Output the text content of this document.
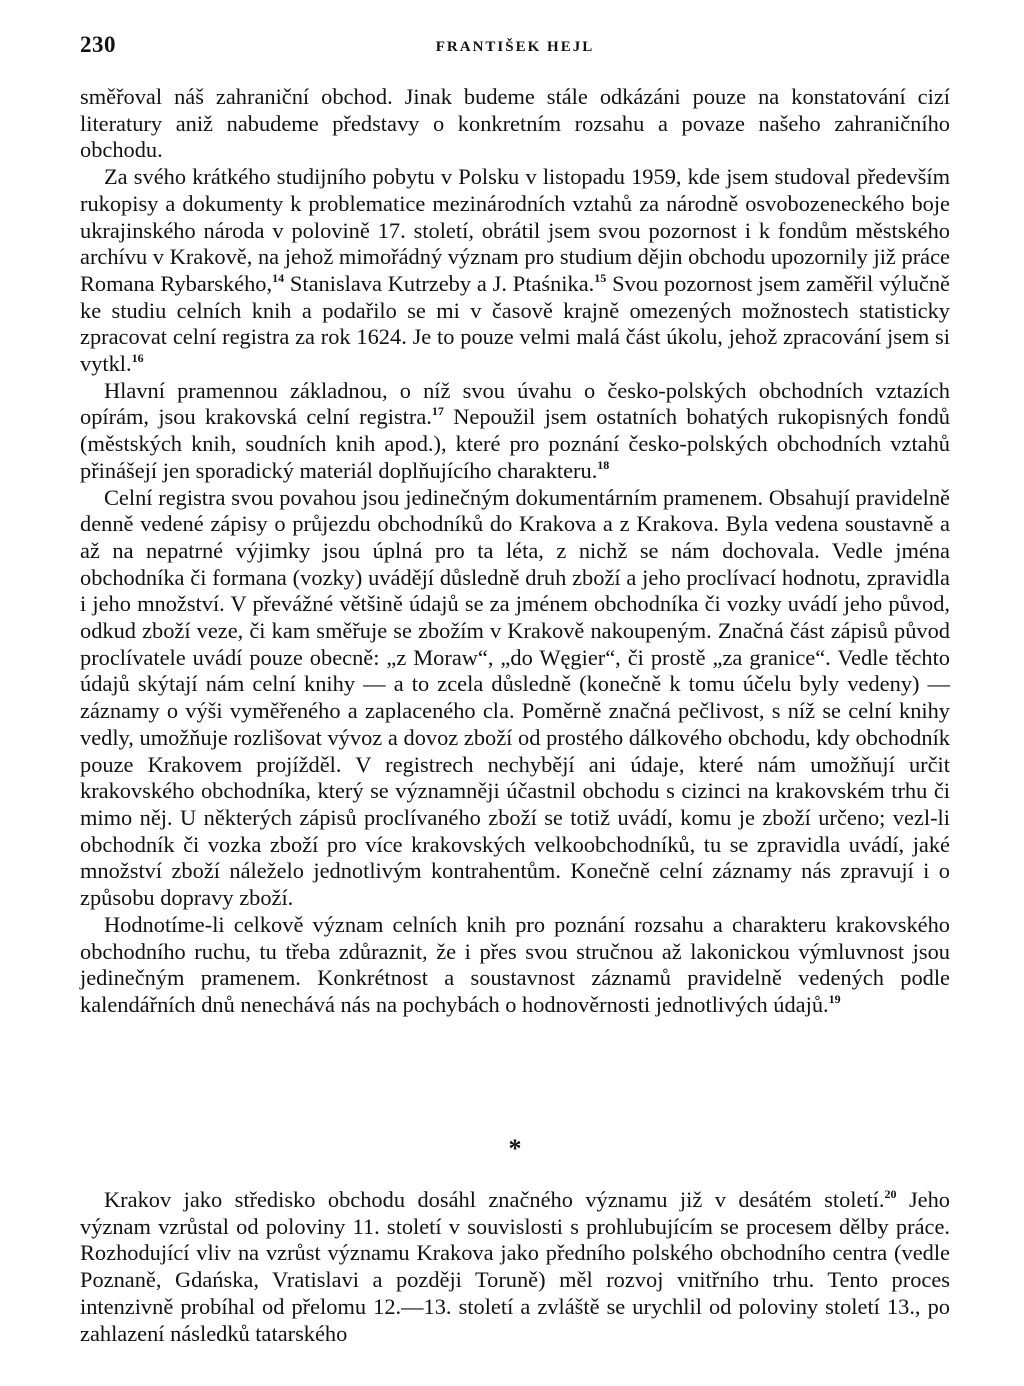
230	FRANTIŠEK HEJL

směřoval náš zahraniční obchod. Jinak budeme stále odkázáni pouze na konstatování cizí literatury aniž nabudeme představy o konkretním rozsahu a povaze našeho zahraničního obchodu.

Za svého krátkého studijního pobytu v Polsku v listopadu 1959, kde jsem studoval především rukopisy a dokumenty k problematice mezinárodních vztahů za národně osvobozeneckého boje ukrajinského národa v polovině 17. století, obrátil jsem svou pozornost i k fondům městského archívu v Krakově, na jehož mimořádný význam pro studium dějin obchodu upozornily již práce Romana Rybarského,$^{14}$ Stanislava Kutrzeby a J. Ptaśnika.$^{15}$ Svou pozornost jsem zaměřil výlučně ke studiu celních knih a podařilo se mi v časově krajně omezených možnostech statisticky zpracovat celní registra za rok 1624. Je to pouze velmi malá část úkolu, jehož zpracování jsem si vytkl.$^{16}$

Hlavní pramennou základnou, o níž svou úvahu o česko-polských obchodních vztazích opírám, jsou krakovská celní registra.$^{17}$ Nepoužil jsem ostatních bohatých rukopisných fondů (městských knih, soudních knih apod.), které pro poznání česko-polských obchodních vztahů přinášejí jen sporadický materiál doplňujícího charakteru.$^{18}$

Celní registra svou povahou jsou jedinečným dokumentárním pramenem. Obsahují pravidelně denně vedené zápisy o průjezdu obchodníků do Krakova a z Krakova. Byla vedena soustavně a až na nepatrné výjimky jsou úplná pro ta léta, z nichž se nám dochovala. Vedle jména obchodníka či formana (vozky) uvádějí důsledně druh zboží a jeho proclívací hodnotu, zpravidla i jeho množství. V převážné většině údajů se za jménem obchodníka či vozky uvádí jeho původ, odkud zboží veze, či kam směřuje se zbožím v Krakově nakoupeným. Značná část zápisů původ proclívatele uvádí pouze obecně: „z Moraw“, „do Węgier“, či prostě „za granice“. Vedle těchto údajů skýtají nám celní knihy — a to zcela důsledně (konečně k tomu účelu byly vedeny) — záznamy o výši vyměřeného a zaplaceného cla. Poměrně značná pečlivost, s níž se celní knihy vedly, umožňuje rozlišovat vývoz a dovoz zboží od prostého dálkového obchodu, kdy obchodník pouze Krakovem projížděl. V registrech nechybějí ani údaje, které nám umožňují určit krakovského obchodníka, který se významněji účastnil obchodu s cizinci na krakovském trhu či mimo něj. U některých zápisů proclívaného zboží se totiž uvádí, komu je zboží určeno; vezl-li obchodník či vozka zboží pro více krakovských velkoobchodníků, tu se zpravidla uvádí, jaké množství zboží náleželo jednotlivým kontrahentům. Konečně celní záznamy nás zpravují i o způsobu dopravy zboží.

Hodnotíme-li celkově význam celních knih pro poznání rozsahu a charakteru krakovského obchodního ruchu, tu třeba zdůraznit, že i přes svou stručnou až lakonickou výmluvnost jsou jedinečným pramenem. Konkrétnost a soustavnost záznamů pravidelně vedených podle kalendářních dnů nenechává nás na pochybách o hodnověrnosti jednotlivých údajů.$^{19}$

*

Krakov jako středisko obchodu dosáhl značného významu již v desátém století.$^{20}$ Jeho význam vzrůstal od poloviny 11. století v souvislosti s prohlubujícím se procesem dělby práce. Rozhodující vliv na vzrůst významu Krakova jako předního polského obchodního centra (vedle Poznaně, Gdańska, Vratislavi a později Toruně) měl rozvoj vnitřního trhu. Tento proces intenzivně probíhal od přelomu 12.—13. století a zvláště se urychlil od poloviny století 13., po zahlazení následků tatarského
